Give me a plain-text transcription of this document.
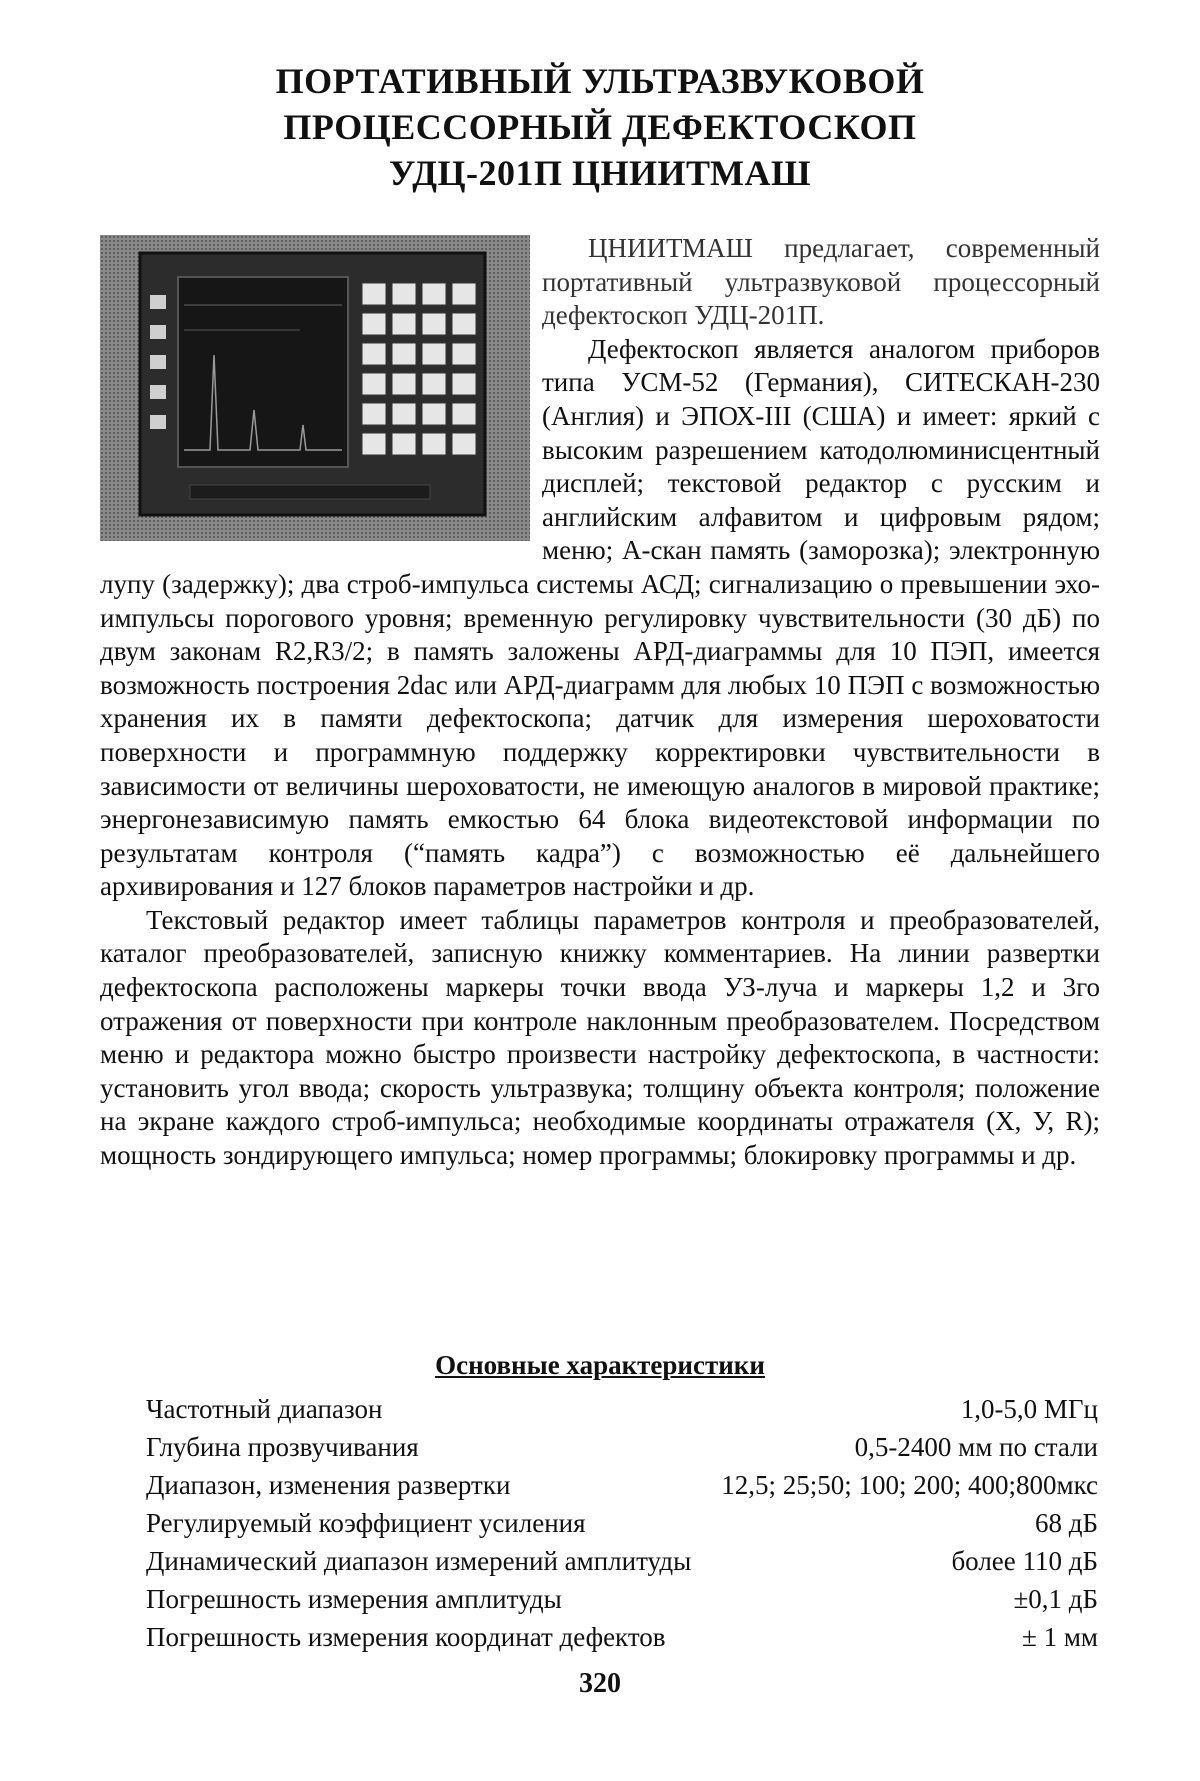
ПОРТАТИВНЫЙ УЛЬТРАЗВУКОВОЙ
ПРОЦЕССОРНЫЙ ДЕФЕКТОСКОП
УДЦ-201П ЦНИИТМАШ

ЦНИИТМАШ предлагает, современный портативный ультразвуковой процессорный дефектоскоп УДЦ-201П.

Дефектоскоп является аналогом приборов типа УСМ-52 (Германия), СИТЕСКАН-230 (Англия) и ЭПОХ-III (США) и имеет: яркий с высоким разрешением катодолюминисцентный дисплей; текстовой редактор с русским и английским алфавитом и цифровым рядом; меню; А-скан память (заморозка); электронную лупу (задержку); два строб-импульса системы АСД; сигнализацию о превышении эхо-импульсы порогового уровня; временную регулировку чувствительности (30 дБ) по двум законам R2,R3/2; в память заложены АРД-диаграммы для 10 ПЭП, имеется возможность построения 2dac или АРД-диаграмм для любых 10 ПЭП с возможностью хранения их в памяти дефектоскопа; датчик для измерения шероховатости поверхности и программную поддержку корректировки чувствительности в зависимости от величины шероховатости, не имеющую аналогов в мировой практике; энергонезависимую память емкостью 64 блока видеотекстовой информации по результатам контроля (“память кадра”) с возможностью её дальнейшего архивирования и 127 блоков параметров настройки и др.

Текстовый редактор имеет таблицы параметров контроля и преобразователей, каталог преобразователей, записную книжку комментариев. На линии развертки дефектоскопа расположены маркеры точки ввода УЗ-луча и маркеры 1,2 и 3го отражения от поверхности при контроле наклонным преобразователем. Посредством меню и редактора можно быстро произвести настройку дефектоскопа, в частности: установить угол ввода; скорость ультразвука; толщину объекта контроля; положение на экране каждого строб-импульса; необходимые координаты отражателя (X, У, R); мощность зондирующего импульса; номер программы; блокировку программы и др.

Основные характеристики
Частотный диапазон	1,0-5,0 МГц
Глубина прозвучивания	0,5-2400 мм по стали
Диапазон, изменения развертки	12,5; 25;50; 100; 200; 400;800мкс
Регулируемый коэффициент усиления	68 дБ
Динамический диапазон измерений амплитуды	более 110 дБ
Погрешность измерения амплитуды	±0,1 дБ
Погрешность измерения координат дефектов	± 1 мм
320
